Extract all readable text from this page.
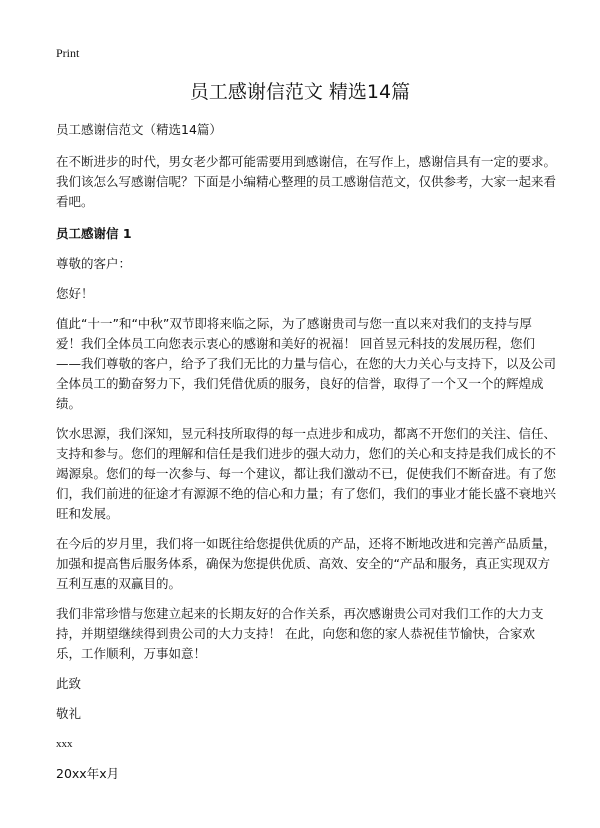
Print
员工感谢信范文 精选14篇

员工感谢信范文（精选14篇）

在不断进步的时代，男女老少都可能需要用到感谢信，在写作上，感谢信具有一定的要求。我们该怎么写感谢信呢？下面是小编精心整理的员工感谢信范文，仅供参考，大家一起来看看吧。

员工感谢信 1

尊敬的客户：

您好！

值此“十一”和“中秋”双节即将来临之际，为了感谢贵司与您一直以来对我们的支持与厚爱！我们全体员工向您表示衷心的感谢和美好的祝福！ 回首昱元科技的发展历程，您们——我们尊敬的客户，给予了我们无比的力量与信心，在您的大力关心与支持下，以及公司全体员工的勤奋努力下，我们凭借优质的服务，良好的信誉，取得了一个又一个的辉煌成绩。

饮水思源，我们深知，昱元科技所取得的每一点进步和成功，都离不开您们的关注、信任、支持和参与。您们的理解和信任是我们进步的强大动力，您们的关心和支持是我们成长的不竭源泉。您们的每一次参与、每一个建议，都让我们激动不已，促使我们不断奋进。有了您们，我们前进的征途才有源源不绝的信心和力量；有了您们，我们的事业才能长盛不衰地兴旺和发展。

在今后的岁月里，我们将一如既往给您提供优质的产品，还将不断地改进和完善产品质量，加强和提高售后服务体系，确保为您提供优质、高效、安全的“产品和服务，真正实现双方互利互惠的双赢目的。

我们非常珍惜与您建立起来的长期友好的合作关系，再次感谢贵公司对我们工作的大力支持，并期望继续得到贵公司的大力支持！ 在此，向您和您的家人恭祝佳节愉快，合家欢乐，工作顺利，万事如意！

此致

敬礼

xxx

20xx年x月
